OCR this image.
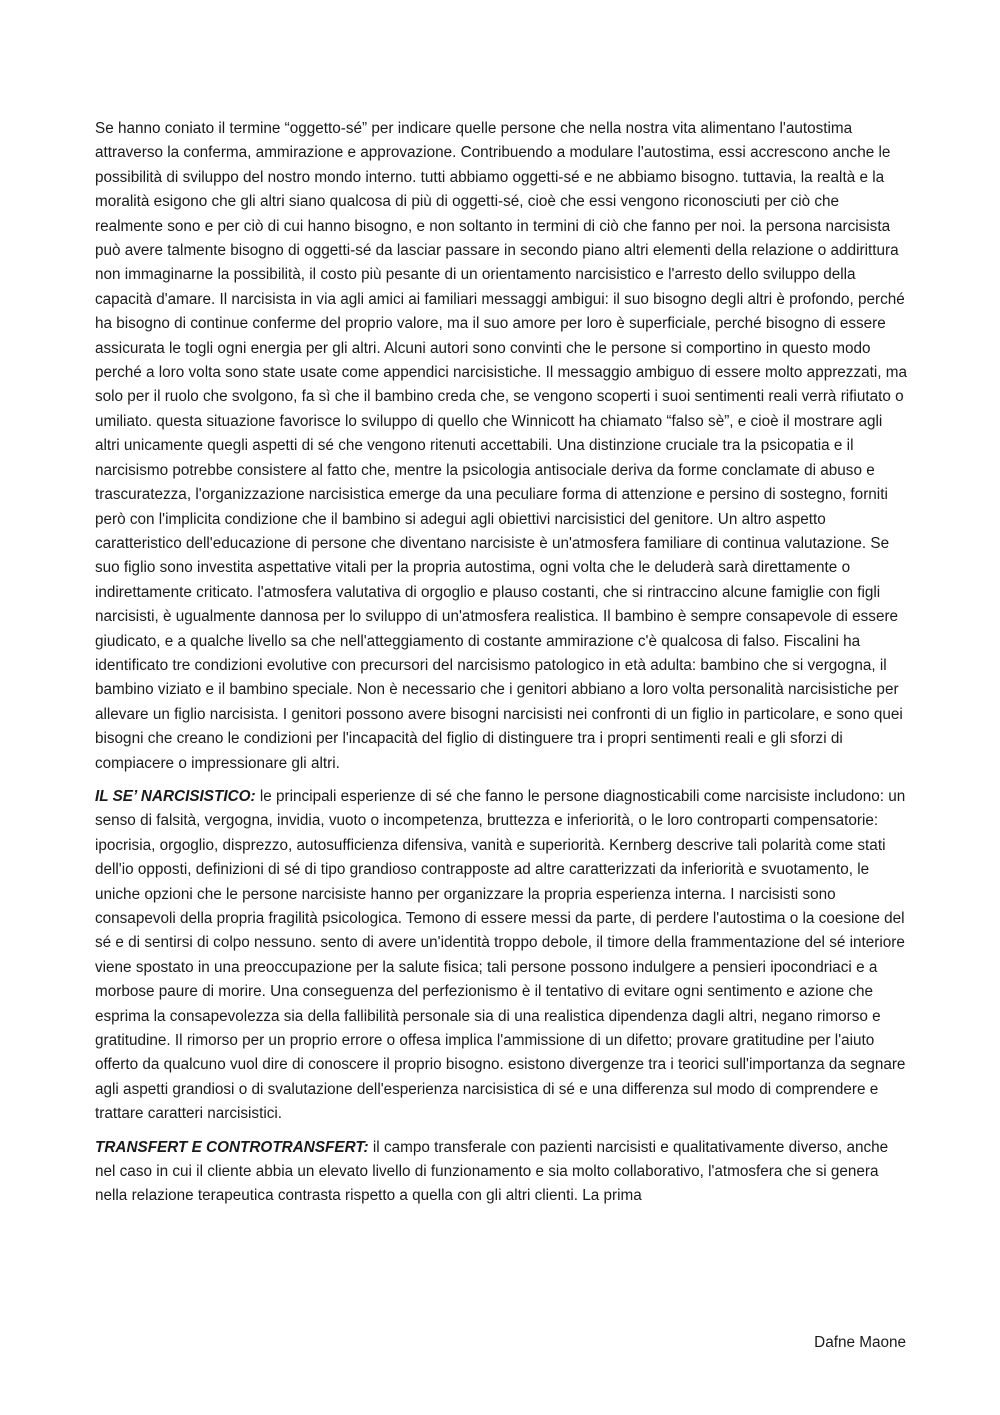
Se hanno coniato il termine “oggetto-sé” per indicare quelle persone che nella nostra vita alimentano l'autostima attraverso la conferma, ammirazione e approvazione. Contribuendo a modulare l'autostima, essi accrescono anche le possibilità di sviluppo del nostro mondo interno. tutti abbiamo oggetti-sé e ne abbiamo bisogno. tuttavia, la realtà e la moralità esigono che gli altri siano qualcosa di più di oggetti-sé, cioè che essi vengono riconosciuti per ciò che realmente sono e per ciò di cui hanno bisogno, e non soltanto in termini di ciò che fanno per noi. la persona narcisista può avere talmente bisogno di oggetti-sé da lasciar passare in secondo piano altri elementi della relazione o addirittura non immaginarne la possibilità, il costo più pesante di un orientamento narcisistico e l'arresto dello sviluppo della capacità d'amare. Il narcisista in via agli amici ai familiari messaggi ambigui: il suo bisogno degli altri è profondo, perché ha bisogno di continue conferme del proprio valore, ma il suo amore per loro è superficiale, perché bisogno di essere assicurata le togli ogni energia per gli altri. Alcuni autori sono convinti che le persone si comportino in questo modo perché a loro volta sono state usate come appendici narcisistiche. Il messaggio ambiguo di essere molto apprezzati, ma solo per il ruolo che svolgono, fa sì che il bambino creda che, se vengono scoperti i suoi sentimenti reali verrà rifiutato o umiliato. questa situazione favorisce lo sviluppo di quello che Winnicott ha chiamato “falso sè”, e cioè il mostrare agli altri unicamente quegli aspetti di sé che vengono ritenuti accettabili. Una distinzione cruciale tra la psicopatia e il narcisismo potrebbe consistere al fatto che, mentre la psicologia antisociale deriva da forme conclamate di abuso e trascuratezza, l'organizzazione narcisistica emerge da una peculiare forma di attenzione e persino di sostegno, forniti però con l'implicita condizione che il bambino si adegui agli obiettivi narcisistici del genitore. Un altro aspetto caratteristico dell'educazione di persone che diventano narcisiste è un'atmosfera familiare di continua valutazione. Se suo figlio sono investita aspettative vitali per la propria autostima, ogni volta che le deluderà sarà direttamente o indirettamente criticato. l'atmosfera valutativa di orgoglio e plauso costanti, che si rintraccino alcune famiglie con figli narcisisti, è ugualmente dannosa per lo sviluppo di un'atmosfera realistica. Il bambino è sempre consapevole di essere giudicato, e a qualche livello sa che nell'atteggiamento di costante ammirazione c'è qualcosa di falso. Fiscalini ha identificato tre condizioni evolutive con precursori del narcisismo patologico in età adulta: bambino che si vergogna, il bambino viziato e il bambino speciale. Non è necessario che i genitori abbiano a loro volta personalità narcisistiche per allevare un figlio narcisista. I genitori possono avere bisogni narcisisti nei confronti di un figlio in particolare, e sono quei bisogni che creano le condizioni per l'incapacità del figlio di distinguere tra i propri sentimenti reali e gli sforzi di compiacere o impressionare gli altri.

IL SE’ NARCISISTICO: le principali esperienze di sé che fanno le persone diagnosticabili come narcisiste includono: un senso di falsità, vergogna, invidia, vuoto o incompetenza, bruttezza e inferiorità, o le loro controparti compensatorie: ipocrisia, orgoglio, disprezzo, autosufficienza difensiva, vanità e superiorità. Kernberg descrive tali polarità come stati dell'io opposti, definizioni di sé di tipo grandioso contrapposte ad altre caratterizzati da inferiorità e svuotamento, le uniche opzioni che le persone narcisiste hanno per organizzare la propria esperienza interna. I narcisisti sono consapevoli della propria fragilità psicologica. Temono di essere messi da parte, di perdere l'autostima o la coesione del sé e di sentirsi di colpo nessuno. sento di avere un'identità troppo debole, il timore della frammentazione del sé interiore viene spostato in una preoccupazione per la salute fisica; tali persone possono indulgere a pensieri ipocondriaci e a morbose paure di morire. Una conseguenza del perfezionismo è il tentativo di evitare ogni sentimento e azione che esprima la consapevolezza sia della fallibilità personale sia di una realistica dipendenza dagli altri, negano rimorso e gratitudine. Il rimorso per un proprio errore o offesa implica l'ammissione di un difetto; provare gratitudine per l'aiuto offerto da qualcuno vuol dire di conoscere il proprio bisogno. esistono divergenze tra i teorici sull'importanza da segnare agli aspetti grandiosi o di svalutazione dell'esperienza narcisistica di sé e una differenza sul modo di comprendere e trattare caratteri narcisistici.

TRANSFERT E CONTROTRANSFERT: il campo transferale con pazienti narcisisti e qualitativamente diverso, anche nel caso in cui il cliente abbia un elevato livello di funzionamento e sia molto collaborativo, l'atmosfera che si genera nella relazione terapeutica contrasta rispetto a quella con gli altri clienti. La prima

Dafne Maone
